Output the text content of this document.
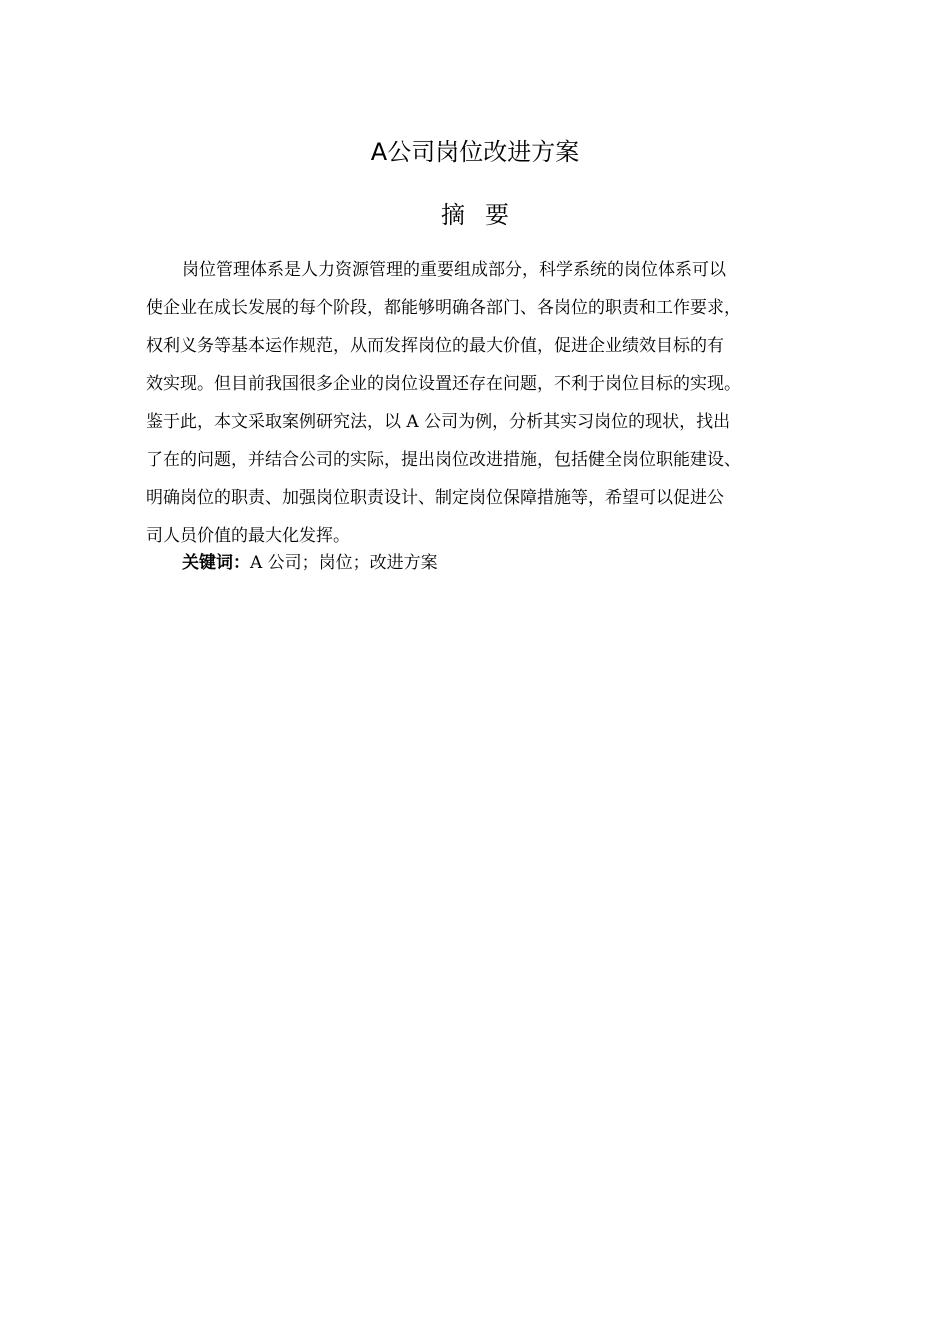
A公司岗位改进方案
摘要
岗位管理体系是人力资源管理的重要组成部分，科学系统的岗位体系可以
使企业在成长发展的每个阶段，都能够明确各部门、各岗位的职责和工作要求，
权利义务等基本运作规范，从而发挥岗位的最大价值，促进企业绩效目标的有
效实现。但目前我国很多企业的岗位设置还存在问题，不利于岗位目标的实现。
鉴于此，本文采取案例研究法，以 A 公司为例，分析其实习岗位的现状，找出
了在的问题，并结合公司的实际，提出岗位改进措施，包括健全岗位职能建设、
明确岗位的职责、加强岗位职责设计、制定岗位保障措施等，希望可以促进公
司人员价值的最大化发挥。
关键词：A 公司；岗位；改进方案
